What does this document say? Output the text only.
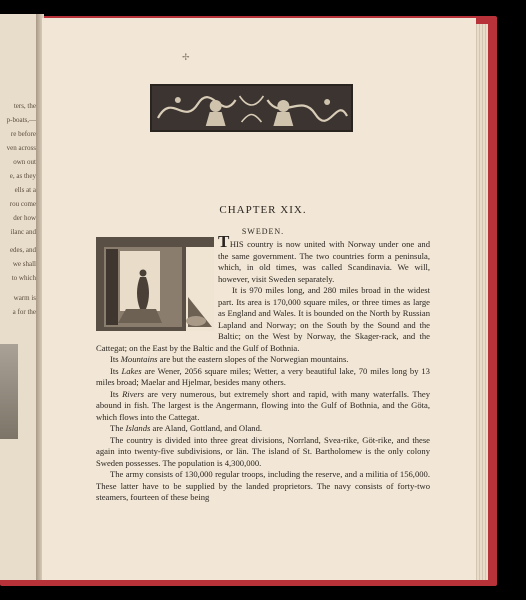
ters, the
p-boats,—
re before
ven across
own out
e, as they
ells at a
rou come
der how
ilanc and
edes, and
we shall
to which
warm is
a for the
✢
CHAPTER XIX.
SWEDEN.

THIS country is now united with Norway under one and the same government. The two countries form a peninsula, which, in old times, was called Scandinavia. We will, however, visit Sweden separately.

It is 970 miles long, and 280 miles broad in the widest part. Its area is 170,000 square miles, or three times as large as England and Wales. It is bounded on the North by Russian Lapland and Norway; on the South by the Sound and the Baltic; on the West by Norway, the Skager-rack, and the Cattegat; on the East by the Baltic and the Gulf of Bothnia.

Its Mountains are but the eastern slopes of the Norwegian mountains.

Its Lakes are Wener, 2056 square miles; Wetter, a very beautiful lake, 70 miles long by 13 miles broad; Maelar and Hjelmar, besides many others.

Its Rivers are very numerous, but extremely short and rapid, with many waterfalls. They abound in fish. The largest is the Angermann, flowing into the Gulf of Bothnia, and the Göta, which flows into the Cattegat.

The Islands are Aland, Gottland, and Oland.

The country is divided into three great divisions, Norrland, Svea-rike, Göt-rike, and these again into twenty-five subdivisions, or län. The island of St. Bartholomew is the only colony Sweden possesses. The population is 4,300,000.

The army consists of 130,000 regular troops, including the reserve, and a militia of 156,000. These latter have to be supplied by the landed proprietors. The navy consists of forty-two steamers, fourteen of these being
